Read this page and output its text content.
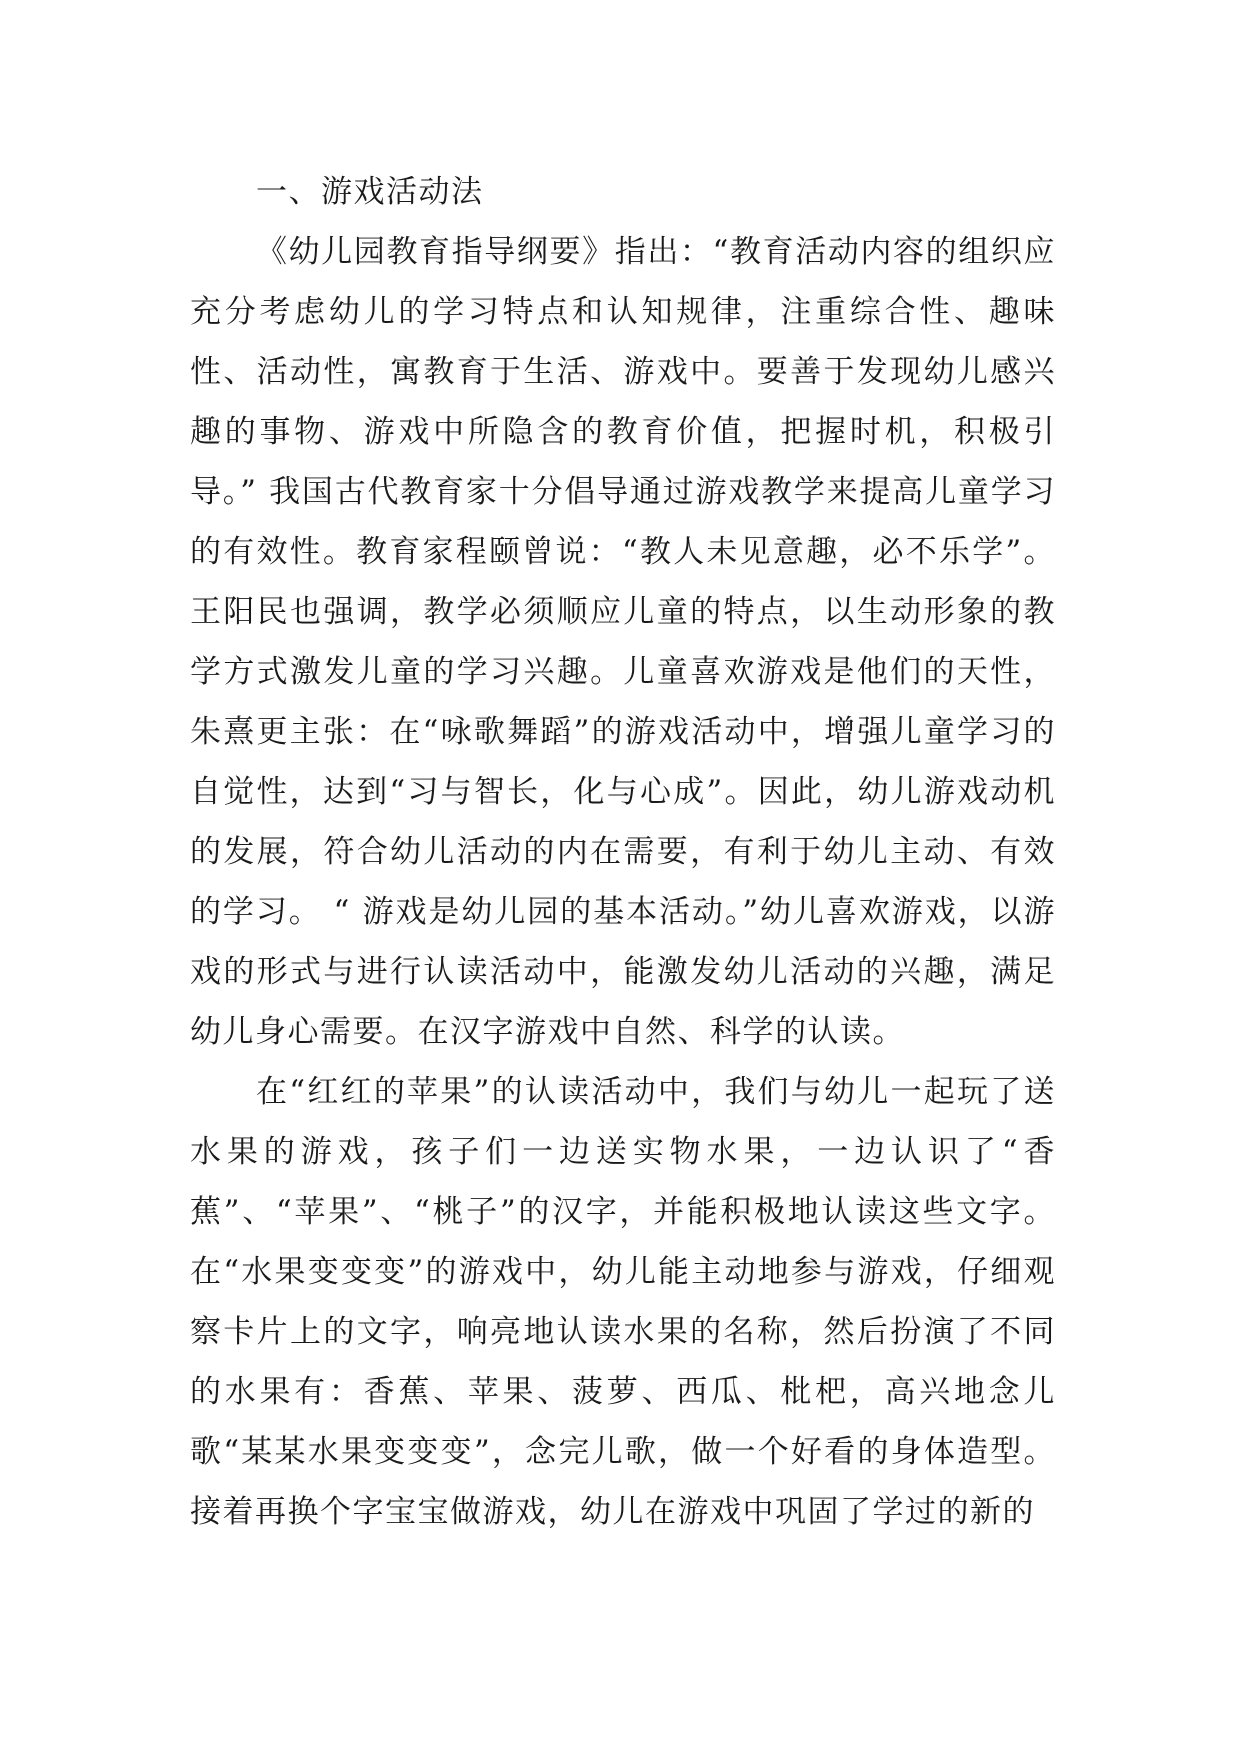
一、游戏活动法

《幼儿园教育指导纲要》指出：“教育活动内容的组织应充分考虑幼儿的学习特点和认知规律，注重综合性、趣味性、活动性，寓教育于生活、游戏中。要善于发现幼儿感兴趣的事物、游戏中所隐含的教育价值，把握时机，积极引导。” 我国古代教育家十分倡导通过游戏教学来提高儿童学习的有效性。教育家程颐曾说：“教人未见意趣，必不乐学”。王阳民也强调，教学必须顺应儿童的特点，以生动形象的教学方式激发儿童的学习兴趣。儿童喜欢游戏是他们的天性，朱熹更主张：在“咏歌舞蹈”的游戏活动中，增强儿童学习的自觉性，达到“习与智长，化与心成”。因此，幼儿游戏动机的发展，符合幼儿活动的内在需要，有利于幼儿主动、有效的学习。 “ 游戏是幼儿园的基本活动。”幼儿喜欢游戏，以游戏的形式与进行认读活动中，能激发幼儿活动的兴趣，满足幼儿身心需要。在汉字游戏中自然、科学的认读。

在“红红的苹果”的认读活动中，我们与幼儿一起玩了送水果的游戏，孩子们一边送实物水果，一边认识了“香蕉”、“苹果”、“桃子”的汉字，并能积极地认读这些文字。在“水果变变变”的游戏中，幼儿能主动地参与游戏，仔细观察卡片上的文字，响亮地认读水果的名称，然后扮演了不同的水果有：香蕉、苹果、菠萝、西瓜、枇杷，高兴地念儿歌“某某水果变变变”，念完儿歌，做一个好看的身体造型。接着再换个字宝宝做游戏，幼儿在游戏中巩固了学过的新的
